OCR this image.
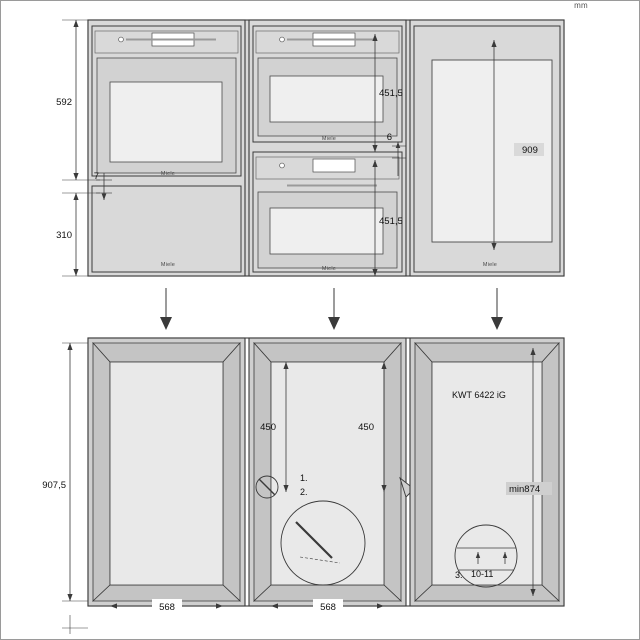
Miele
Miele
Miele
Miele
Miele
592
7
310
451,5
6
451,5
909
1.
2.
KWT 6422 iG
3. 10-11
907,5
450	450
min874
568	568
mm
